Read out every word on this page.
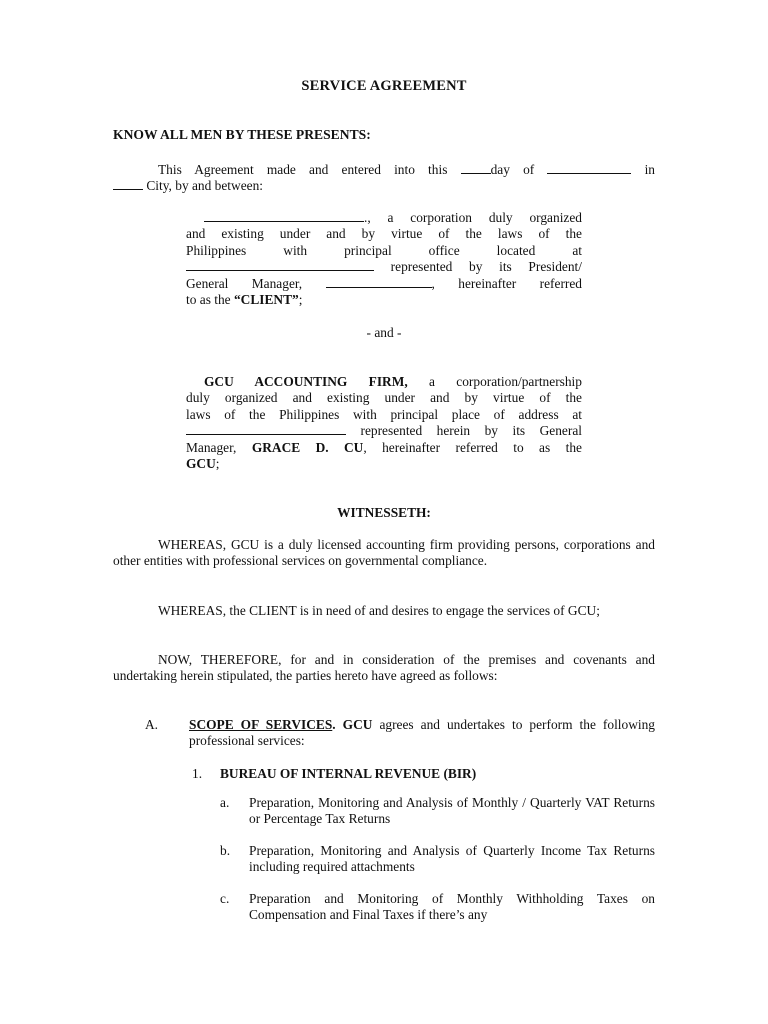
SERVICE AGREEMENT
KNOW ALL MEN BY THESE PRESENTS:
This Agreement made and entered into this	day of	in
City, by and between:
., a corporation duly organized
and existing under and by virtue of the laws of the
Philippines with principal office located at
represented by its President/
General Manager,	, hereinafter referred
to as the “CLIENT”;
- and -
GCU ACCOUNTING FIRM, a corporation/partnership
duly organized and existing under and by virtue of the
laws of the Philippines with principal place of address at
represented herein by its General
Manager, GRACE D. CU, hereinafter referred to as the
GCU;
WITNESSETH:
WHEREAS, GCU is a duly licensed accounting firm providing persons, corporations and other entities with professional services on governmental compliance.
WHEREAS, the CLIENT is in need of and desires to engage the services of GCU;
NOW, THEREFORE, for and in consideration of the premises and covenants and undertaking herein stipulated, the parties hereto have agreed as follows:
A. SCOPE OF SERVICES. GCU agrees and undertakes to perform the following professional services:
1. BUREAU OF INTERNAL REVENUE (BIR)
a. Preparation, Monitoring and Analysis of Monthly / Quarterly VAT Returns or Percentage Tax Returns
b. Preparation, Monitoring and Analysis of Quarterly Income Tax Returns including required attachments
c. Preparation and Monitoring of Monthly Withholding Taxes on Compensation and Final Taxes if there’s any
